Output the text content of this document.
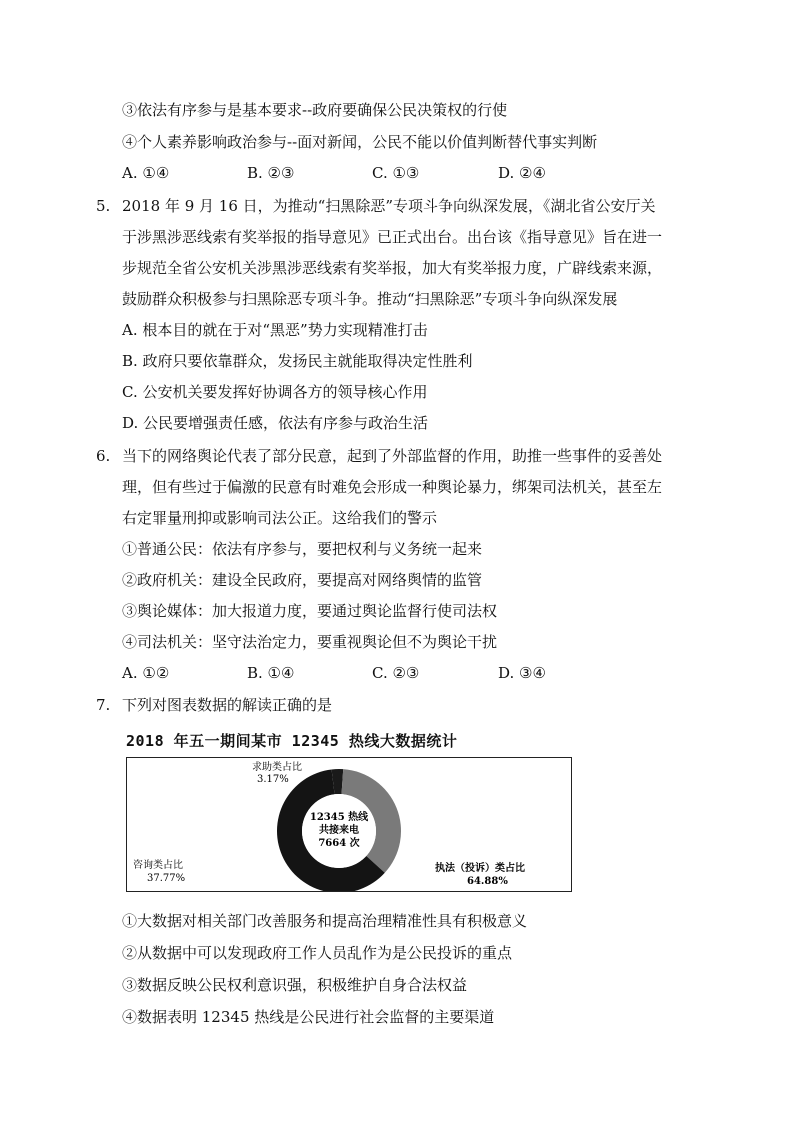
③依法有序参与是基本要求--政府要确保公民决策权的行使
④个人素养影响政治参与--面对新闻，公民不能以价值判断替代事实判断
A. ①④	B. ②③	C. ①③	D. ②④
5. 2018 年 9 月 16 日，为推动“扫黑除恶”专项斗争向纵深发展，《湖北省公安厅关
于涉黑涉恶线索有奖举报的指导意见》已正式出台。出台该《指导意见》旨在进一
步规范全省公安机关涉黑涉恶线索有奖举报，加大有奖举报力度，广辟线索来源，
鼓励群众积极参与扫黑除恶专项斗争。推动“扫黑除恶”专项斗争向纵深发展
A. 根本目的就在于对“黑恶”势力实现精准打击
B. 政府只要依靠群众，发扬民主就能取得决定性胜利
C. 公安机关要发挥好协调各方的领导核心作用
D. 公民要增强责任感，依法有序参与政治生活
6. 当下的网络舆论代表了部分民意，起到了外部监督的作用，助推一些事件的妥善处
理，但有些过于偏激的民意有时难免会形成一种舆论暴力，绑架司法机关，甚至左
右定罪量刑抑或影响司法公正。这给我们的警示
①普通公民：依法有序参与，要把权利与义务统一起来
②政府机关：建设全民政府，要提高对网络舆情的监管
③舆论媒体：加大报道力度，要通过舆论监督行使司法权
④司法机关：坚守法治定力，要重视舆论但不为舆论干扰
A. ①②	B. ①④	C. ②③	D. ③④
7. 下列对图表数据的解读正确的是
2018 年五一期间某市 12345 热线大数据统计
12345 热线
共接来电
7664 次
求助类占比
3.17%
咨询类占比
37.77%
执法（投诉）类占比
64.88%
①大数据对相关部门改善服务和提高治理精准性具有积极意义
②从数据中可以发现政府工作人员乱作为是公民投诉的重点
③数据反映公民权利意识强，积极维护自身合法权益
④数据表明 12345 热线是公民进行社会监督的主要渠道
